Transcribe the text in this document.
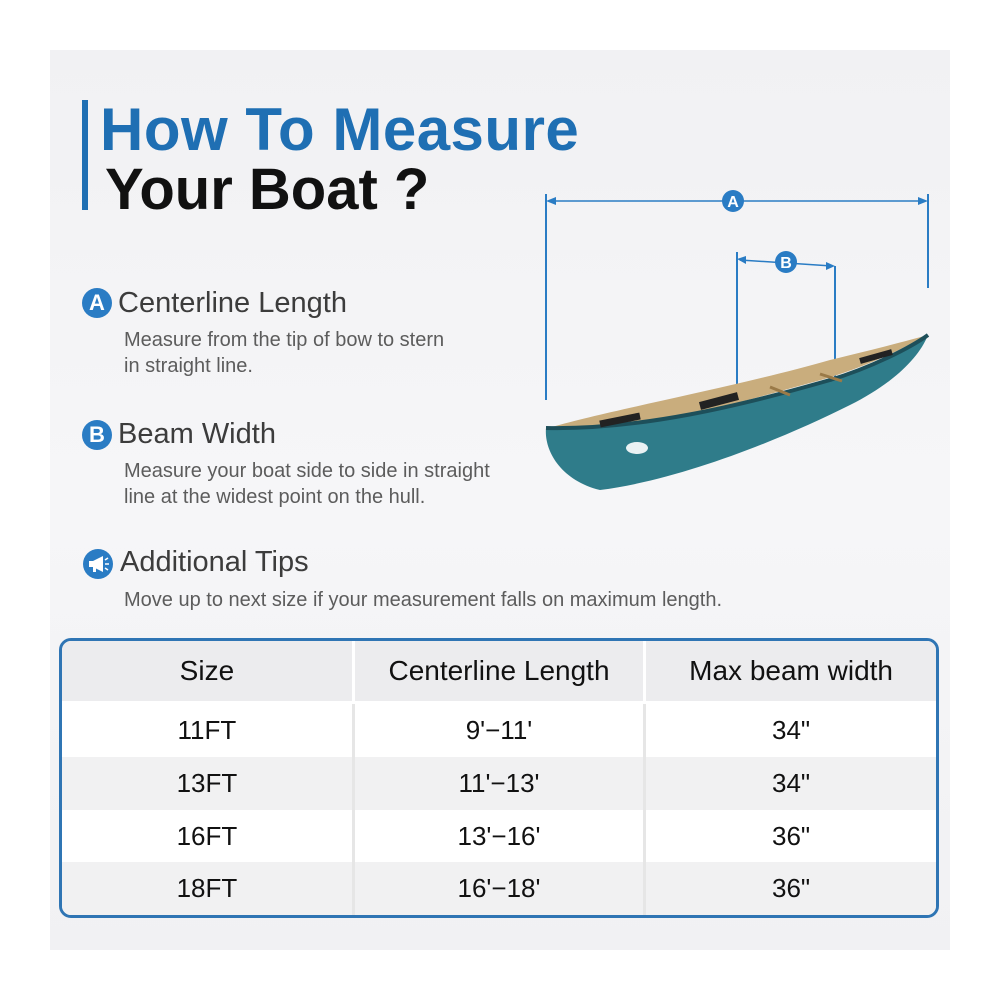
How To Measure
Your Boat ?
A Centerline Length
Measure from the tip of bow to stern
in straight line.
B Beam Width
Measure your boat side to side in straight
line at the widest point on the hull.
Additional Tips
Move up to next size if your measurement falls on maximum length.
A
B
Size	Centerline Length	Max beam width
11FT	9'−11'	34"
13FT	11'−13'	34"
16FT	13'−16'	36"
18FT	16'−18'	36"
